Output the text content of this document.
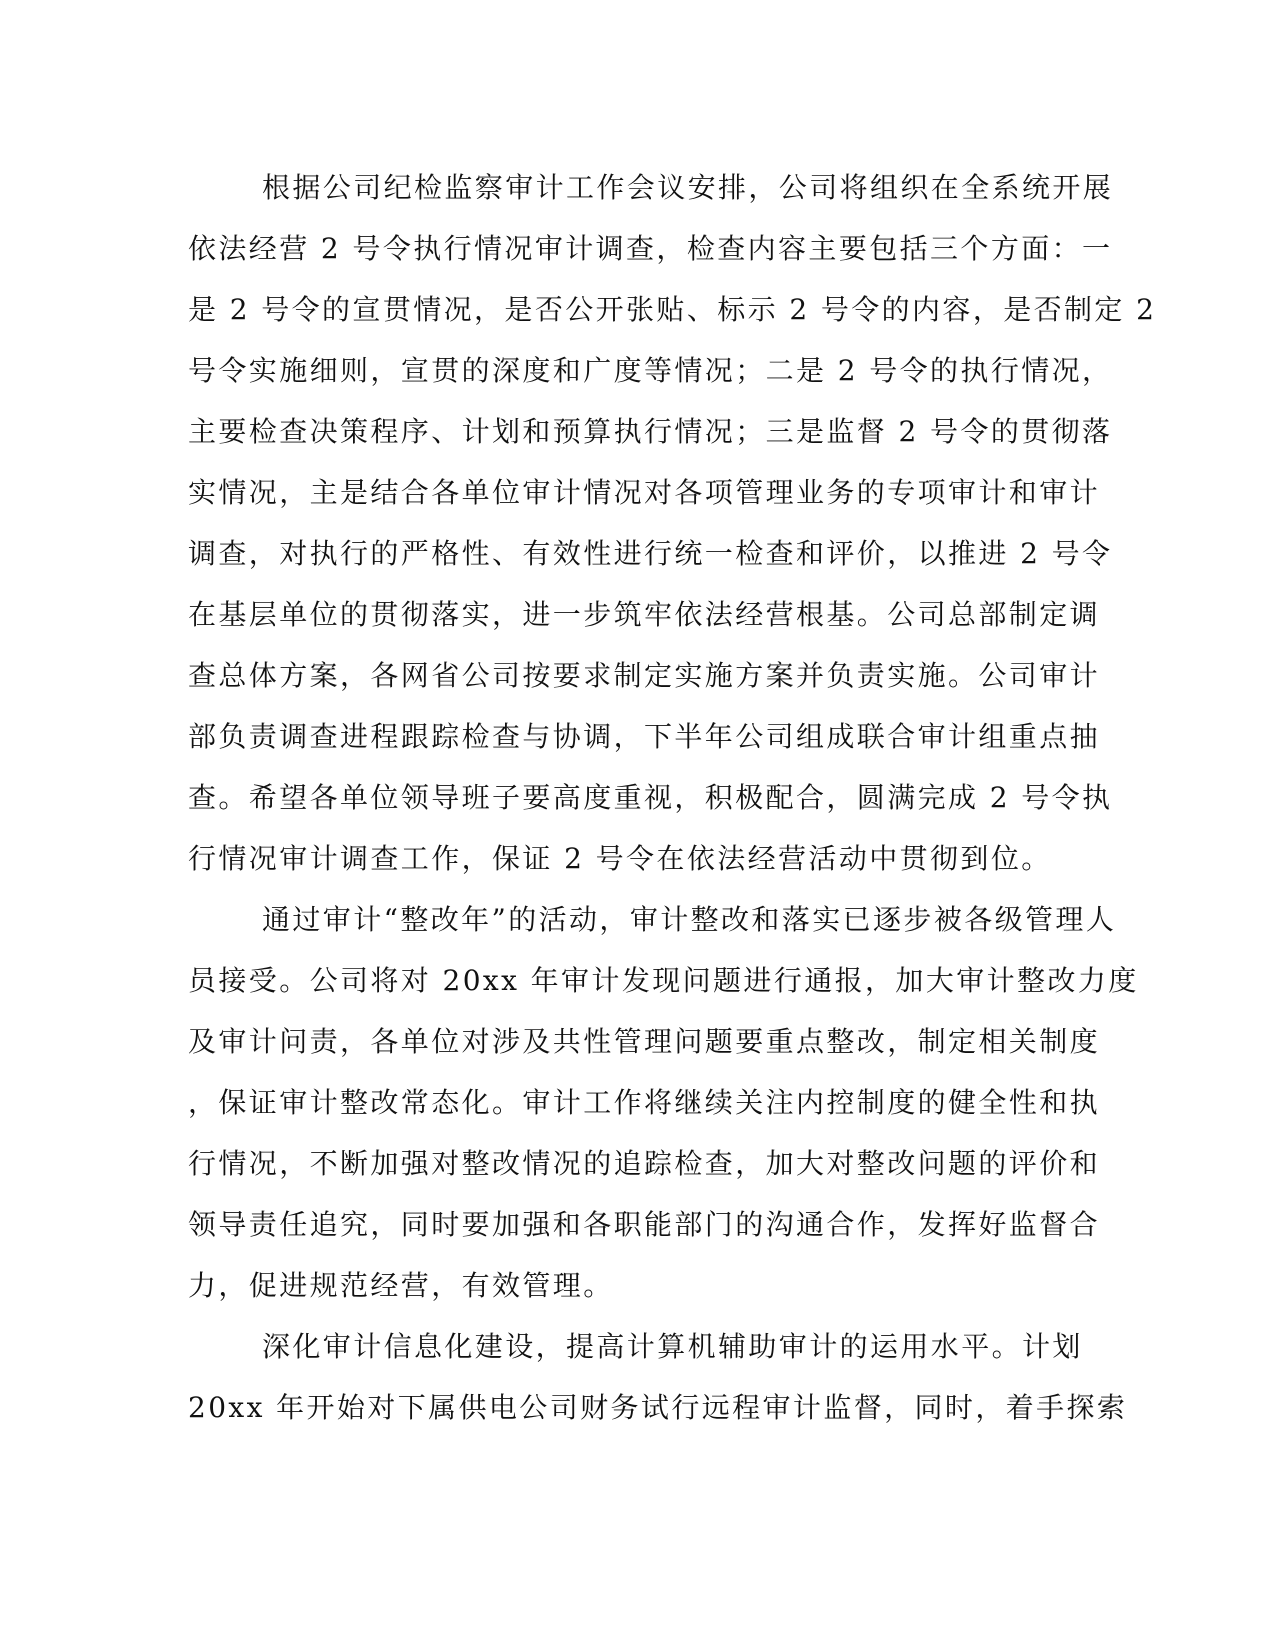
根据公司纪检监察审计工作会议安排，公司将组织在全系统开展
依法经营 2 号令执行情况审计调查，检查内容主要包括三个方面：一
是 2 号令的宣贯情况，是否公开张贴、标示 2 号令的内容，是否制定 2
号令实施细则，宣贯的深度和广度等情况；二是 2 号令的执行情况，
主要检查决策程序、计划和预算执行情况；三是监督 2 号令的贯彻落
实情况，主是结合各单位审计情况对各项管理业务的专项审计和审计
调查，对执行的严格性、有效性进行统一检查和评价，以推进 2 号令
在基层单位的贯彻落实，进一步筑牢依法经营根基。公司总部制定调
查总体方案，各网省公司按要求制定实施方案并负责实施。公司审计
部负责调查进程跟踪检查与协调，下半年公司组成联合审计组重点抽
查。希望各单位领导班子要高度重视，积极配合，圆满完成 2 号令执
行情况审计调查工作，保证 2 号令在依法经营活动中贯彻到位。
通过审计“整改年”的活动，审计整改和落实已逐步被各级管理人
员接受。公司将对 20xx 年审计发现问题进行通报，加大审计整改力度
及审计问责，各单位对涉及共性管理问题要重点整改，制定相关制度
，保证审计整改常态化。审计工作将继续关注内控制度的健全性和执
行情况，不断加强对整改情况的追踪检查，加大对整改问题的评价和
领导责任追究，同时要加强和各职能部门的沟通合作，发挥好监督合
力，促进规范经营，有效管理。
深化审计信息化建设，提高计算机辅助审计的运用水平。计划
20xx 年开始对下属供电公司财务试行远程审计监督，同时，着手探索
